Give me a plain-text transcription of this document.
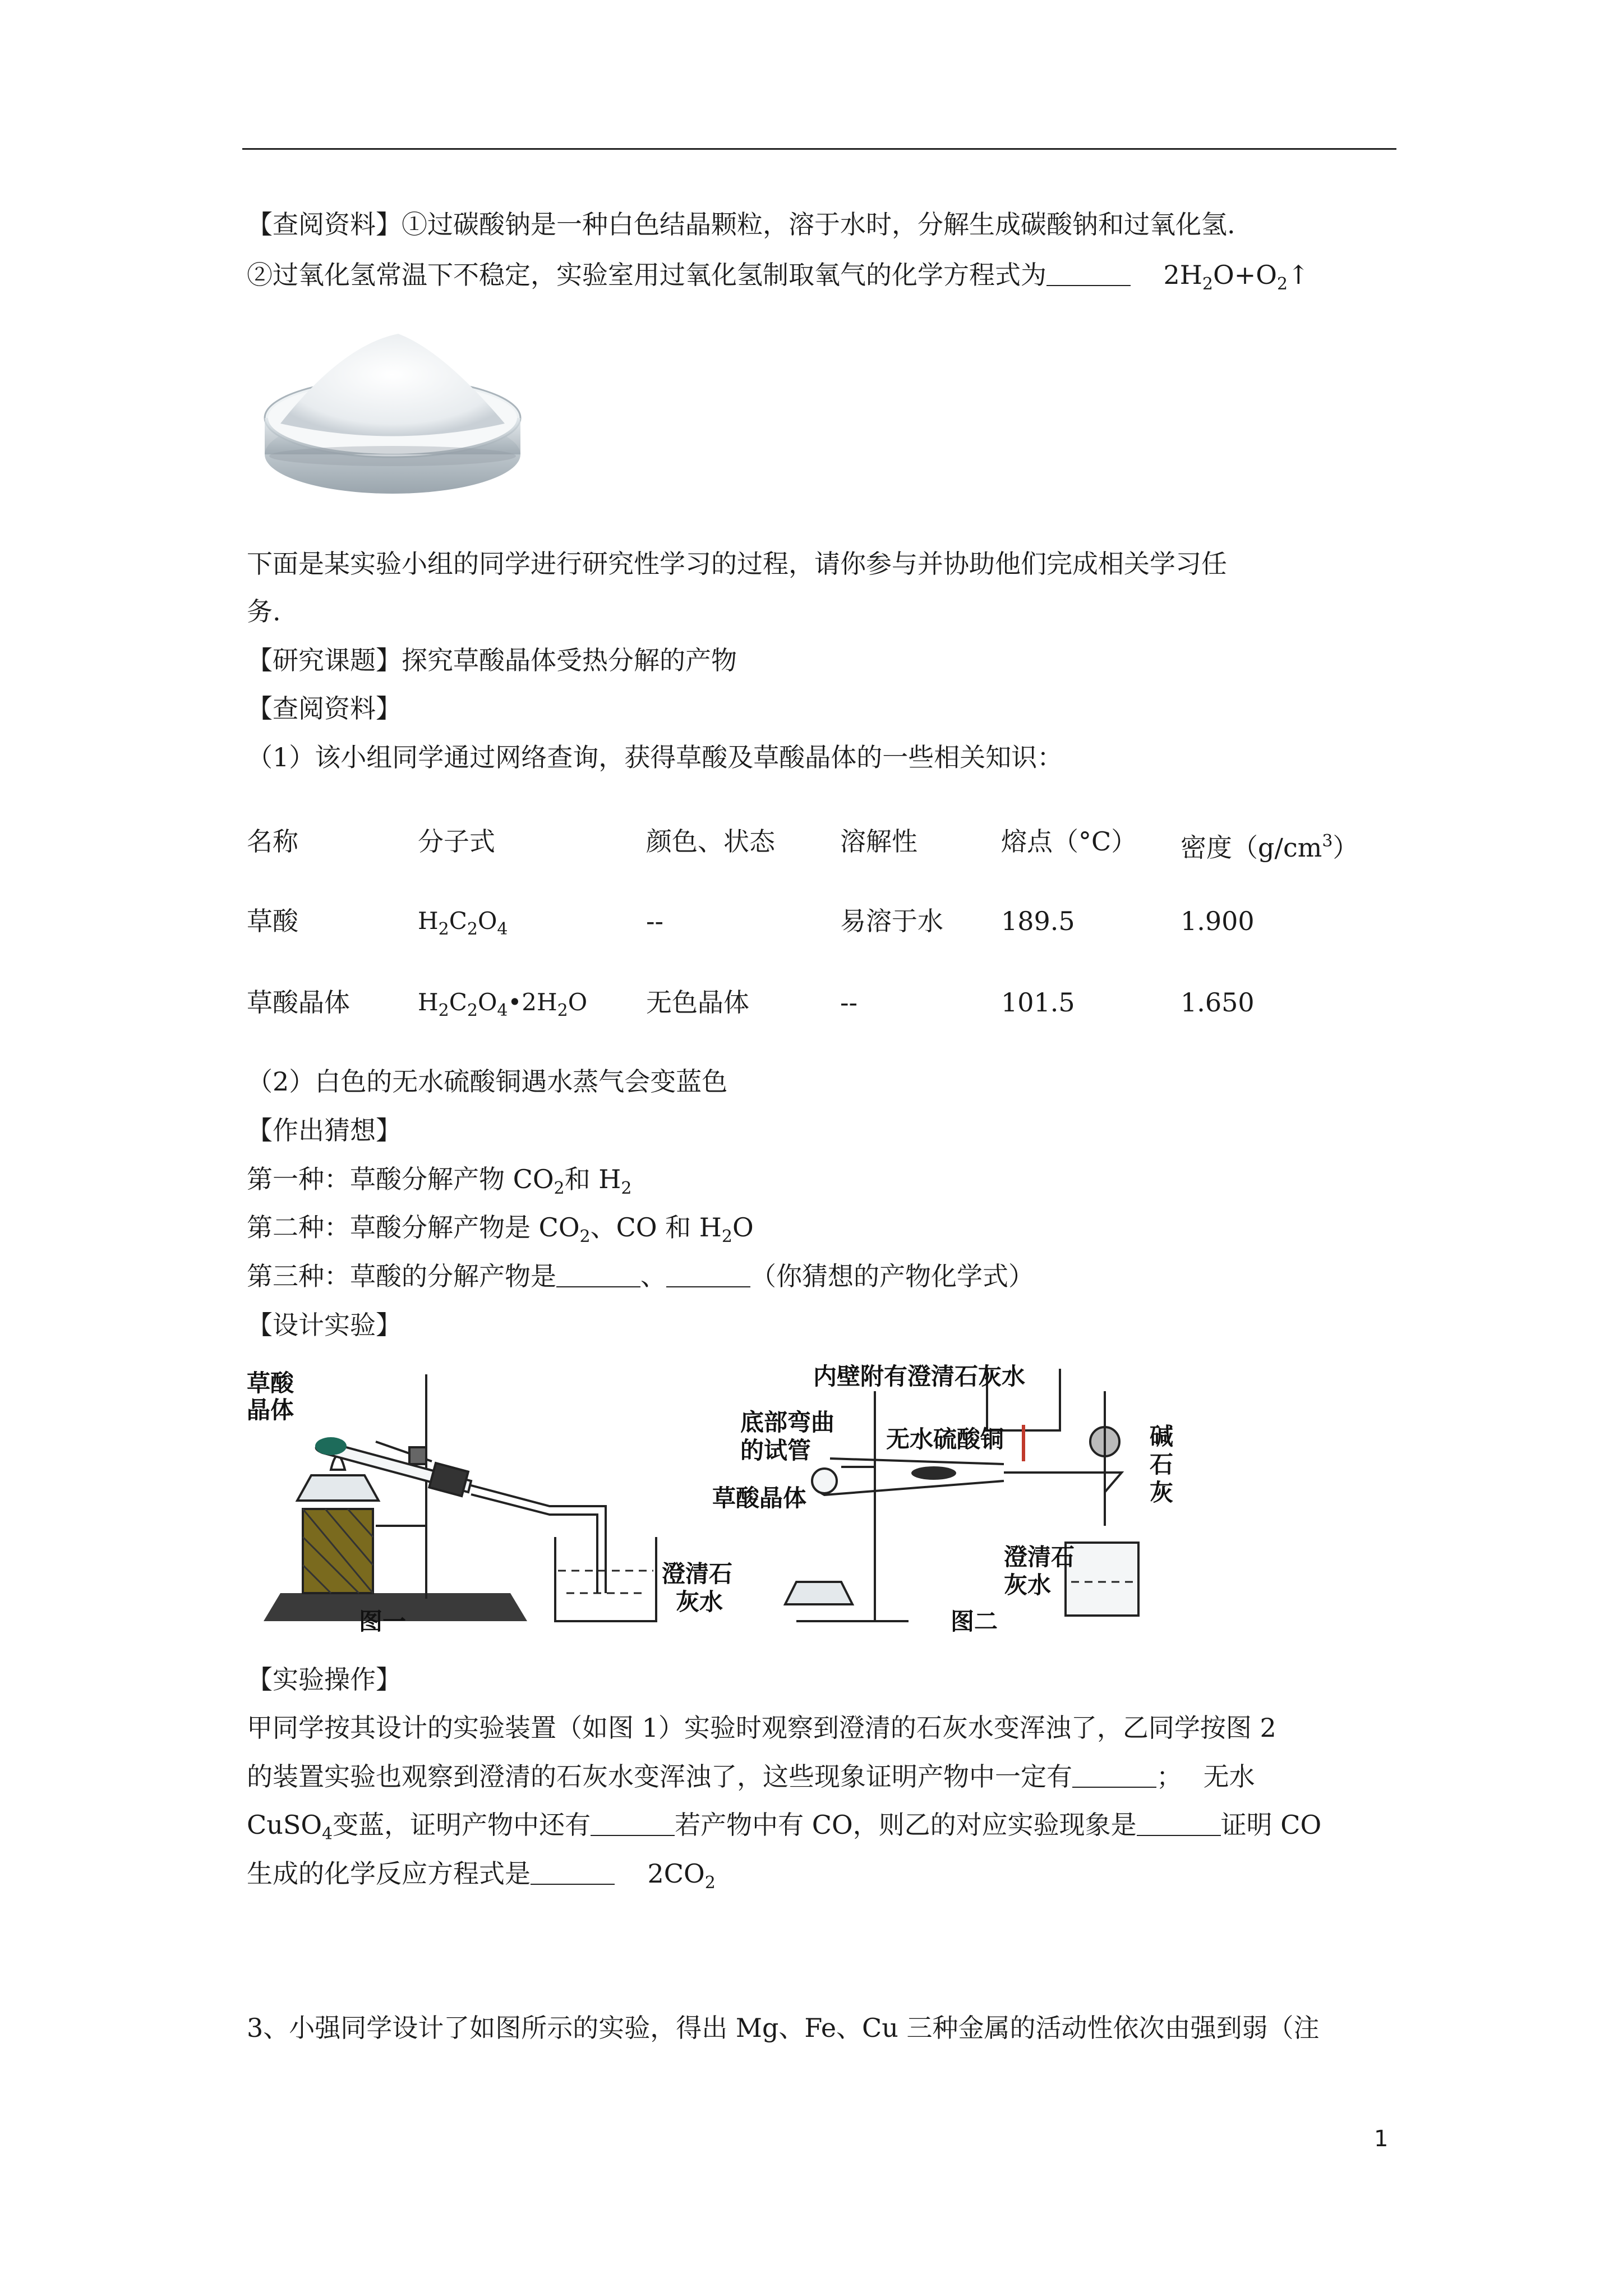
【查阅资料】①过碳酸钠是一种白色结晶颗粒，溶于水时，分解生成碳酸钠和过氧化氢.
②过氧化氢常温下不稳定，实验室用过氧化氢制取氧气的化学方程式为	$2H_2O+O_2↑$
下面是某实验小组的同学进行研究性学习的过程，请你参与并协助他们完成相关学习任
务.
【研究课题】探究草酸晶体受热分解的产物
【查阅资料】
（1）该小组同学通过网络查询，获得草酸及草酸晶体的一些相关知识：
名称	分子式	颜色、状态	溶解性	熔点（°C） 密度$(g/cm^3)$
草酸	$H_2C_2O_4$	--	易溶于水 189.5	1.900
草酸晶体	$H_2C_2O_4•2H_2O$ 无色晶体	--	101.5	1.650
（2）白色的无水硫酸铜遇水蒸气会变蓝色
【作出猜想】
第一种：草酸分解产物 $CO_2$和 $H_2$
第二种：草酸分解产物是 $CO_2$、CO 和 $H_2O$
第三种：草酸的分解产物是	、	（你猜想的产物化学式）
【设计实验】
草酸
晶体
澄清石
灰水
图一
内壁附有澄清石灰水
底部弯曲
的试管	无水硫酸铜
草酸晶体
碱
石
灰
澄清石
灰水
图二
【实验操作】
甲同学按其设计的实验装置（如图 1）实验时观察到澄清的石灰水变浑浊了，乙同学按图 2
的装置实验也观察到澄清的石灰水变浑浊了，这些现象证明产物中一定有	；　 无水
CuSO$_4$变蓝，证明产物中还有	若产物中有 CO，则乙的对应实验现象是	证明 CO
生成的化学反应方程式是	$2CO_2$
3、小强同学设计了如图所示的实验，得出 Mg、Fe、Cu 三种金属的活动性依次由强到弱（注
1
